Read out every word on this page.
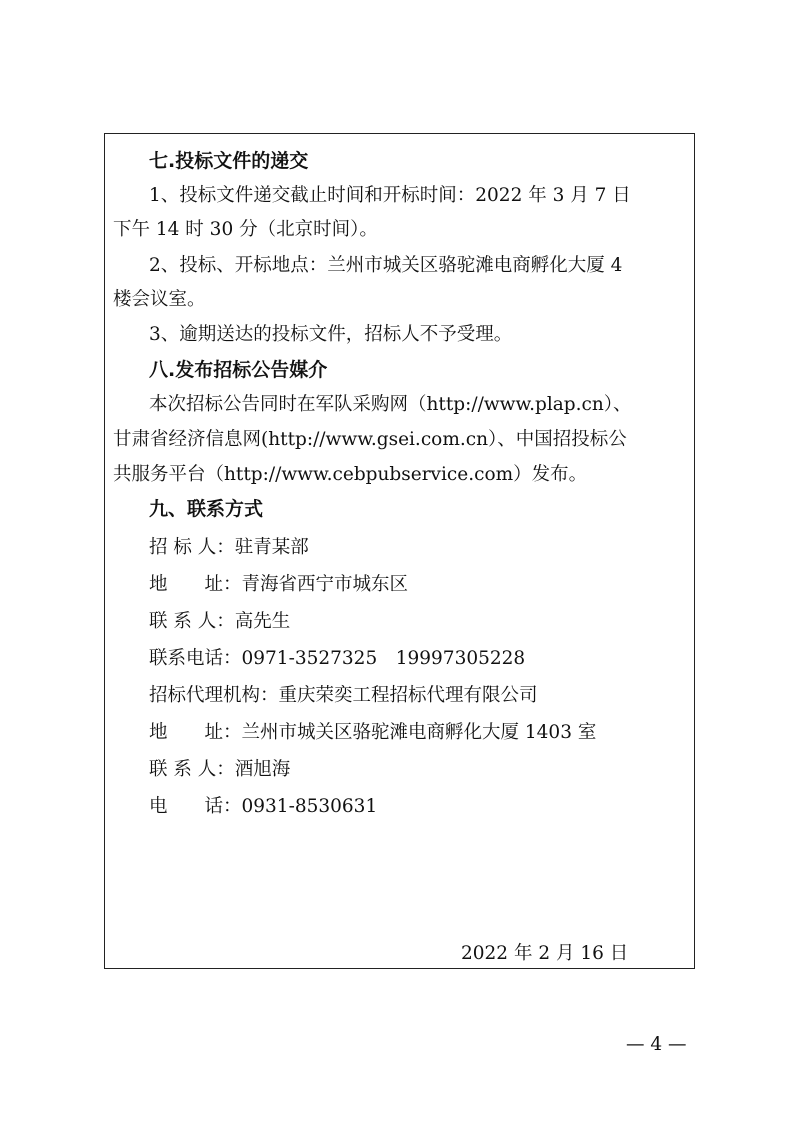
七.投标文件的递交
1、投标文件递交截止时间和开标时间：2022 年 3 月 7 日
下午 14 时 30 分（北京时间）。
2、投标、开标地点：兰州市城关区骆驼滩电商孵化大厦 4
楼会议室。
3、逾期送达的投标文件，招标人不予受理。
八.发布招标公告媒介
本次招标公告同时在军队采购网（http://www.plap.cn）、
甘肃省经济信息网(http://www.gsei.com.cn）、中国招投标公
共服务平台（http://www.cebpubservice.com）发布。
九、联系方式
招 标 人：驻青某部
地　　址：青海省西宁市城东区
联 系 人：高先生
联系电话：0971-3527325　19997305228
招标代理机构：重庆荣奕工程招标代理有限公司
地　　址：兰州市城关区骆驼滩电商孵化大厦 1403 室
联 系 人：酒旭海
电　　话：0931-8530631
2022 年 2 月 16 日
— 4 —
